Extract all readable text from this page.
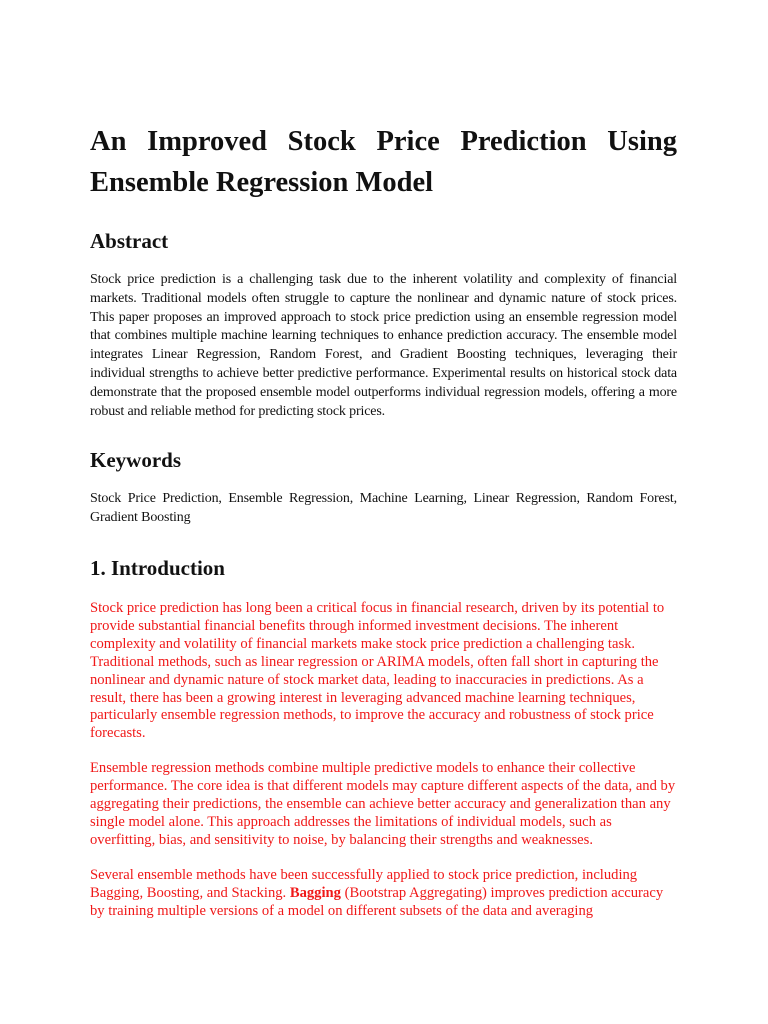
An Improved Stock Price Prediction Using Ensemble Regression Model
Abstract

Stock price prediction is a challenging task due to the inherent volatility and complexity of financial markets. Traditional models often struggle to capture the nonlinear and dynamic nature of stock prices. This paper proposes an improved approach to stock price prediction using an ensemble regression model that combines multiple machine learning techniques to enhance prediction accuracy. The ensemble model integrates Linear Regression, Random Forest, and Gradient Boosting techniques, leveraging their individual strengths to achieve better predictive performance. Experimental results on historical stock data demonstrate that the proposed ensemble model outperforms individual regression models, offering a more robust and reliable method for predicting stock prices.

Keywords

Stock Price Prediction, Ensemble Regression, Machine Learning, Linear Regression, Random Forest, Gradient Boosting

1. Introduction

Stock price prediction has long been a critical focus in financial research, driven by its potential to provide substantial financial benefits through informed investment decisions. The inherent complexity and volatility of financial markets make stock price prediction a challenging task. Traditional methods, such as linear regression or ARIMA models, often fall short in capturing the nonlinear and dynamic nature of stock market data, leading to inaccuracies in predictions. As a result, there has been a growing interest in leveraging advanced machine learning techniques, particularly ensemble regression methods, to improve the accuracy and robustness of stock price forecasts.

Ensemble regression methods combine multiple predictive models to enhance their collective performance. The core idea is that different models may capture different aspects of the data, and by aggregating their predictions, the ensemble can achieve better accuracy and generalization than any single model alone. This approach addresses the limitations of individual models, such as overfitting, bias, and sensitivity to noise, by balancing their strengths and weaknesses.

Several ensemble methods have been successfully applied to stock price prediction, including Bagging, Boosting, and Stacking. Bagging (Bootstrap Aggregating) improves prediction accuracy by training multiple versions of a model on different subsets of the data and averaging
